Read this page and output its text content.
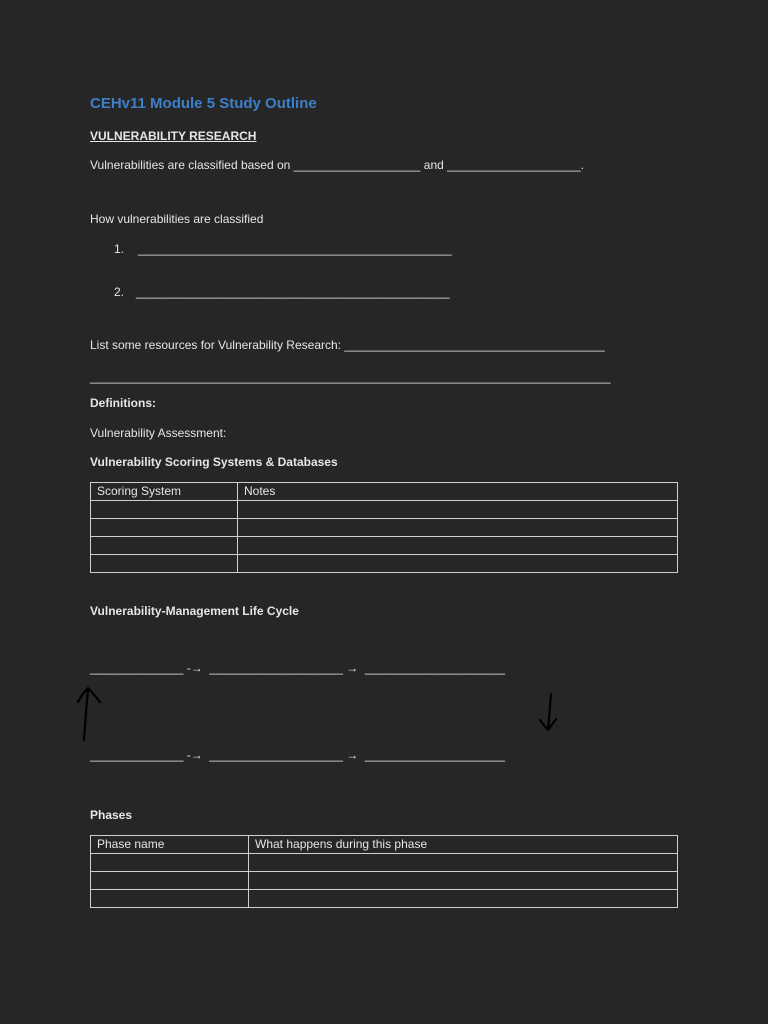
CEHv11 Module 5 Study Outline
VULNERABILITY RESEARCH
Vulnerabilities are classified based on ___________________ and ____________________.
How vulnerabilities are classified
1. _______________________________________________
2. _______________________________________________
List some resources for Vulnerability Research: _______________________________________
______________________________________________________________________________
Definitions:
Vulnerability Assessment:
Vulnerability Scoring Systems & Databases
Scoring System	Notes

Vulnerability-Management Life Cycle
______________ -→  ____________________ →  _____________________
______________ -→  ____________________ →  _____________________
Phases
Phase name	What happens during this phase
